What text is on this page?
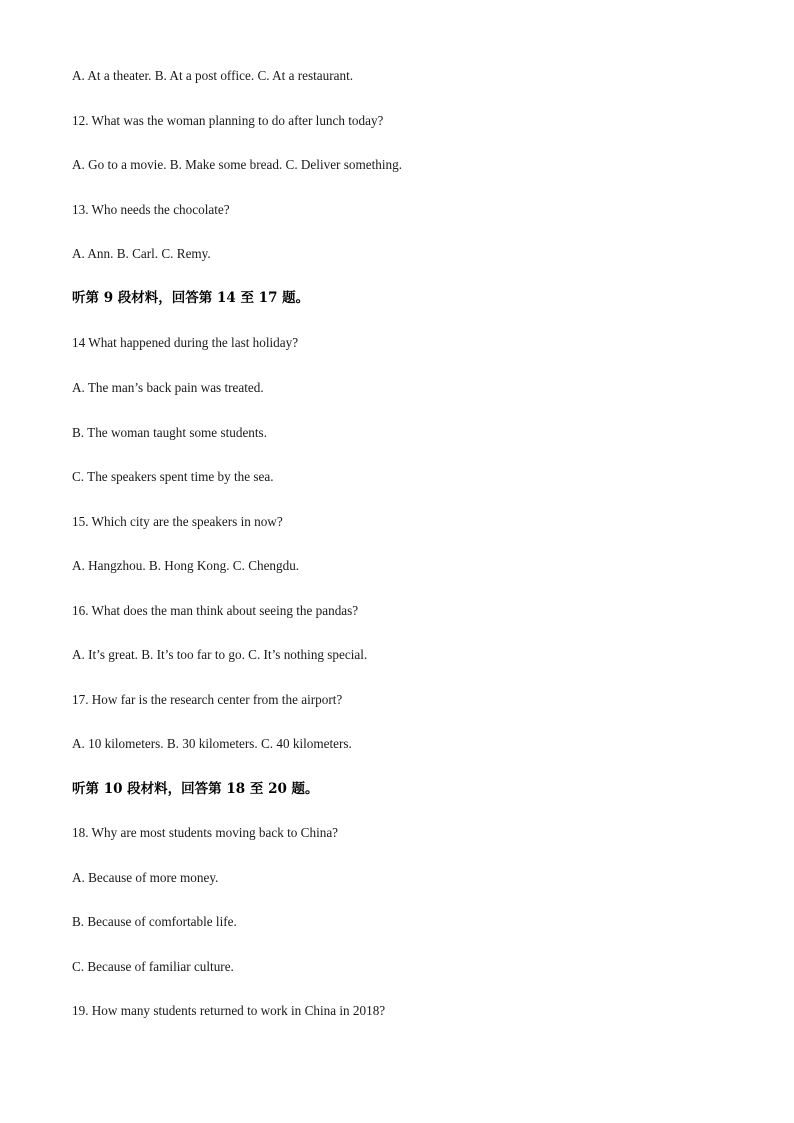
A. At a theater. B. At a post office. C. At a restaurant.
12. What was the woman planning to do after lunch today?
A. Go to a movie. B. Make some bread. C. Deliver something.
13. Who needs the chocolate?
A. Ann. B. Carl. C. Remy.
听第 9 段材料，回答第 14 至 17 题。
14 What happened during the last holiday?
A. The man’s back pain was treated.
B. The woman taught some students.
C. The speakers spent time by the sea.
15. Which city are the speakers in now?
A. Hangzhou. B. Hong Kong. C. Chengdu.
16. What does the man think about seeing the pandas?
A. It’s great. B. It’s too far to go. C. It’s nothing special.
17. How far is the research center from the airport?
A. 10 kilometers. B. 30 kilometers. C. 40 kilometers.
听第 10 段材料，回答第 18 至 20 题。
18. Why are most students moving back to China?
A. Because of more money.
B. Because of comfortable life.
C. Because of familiar culture.
19. How many students returned to work in China in 2018?
